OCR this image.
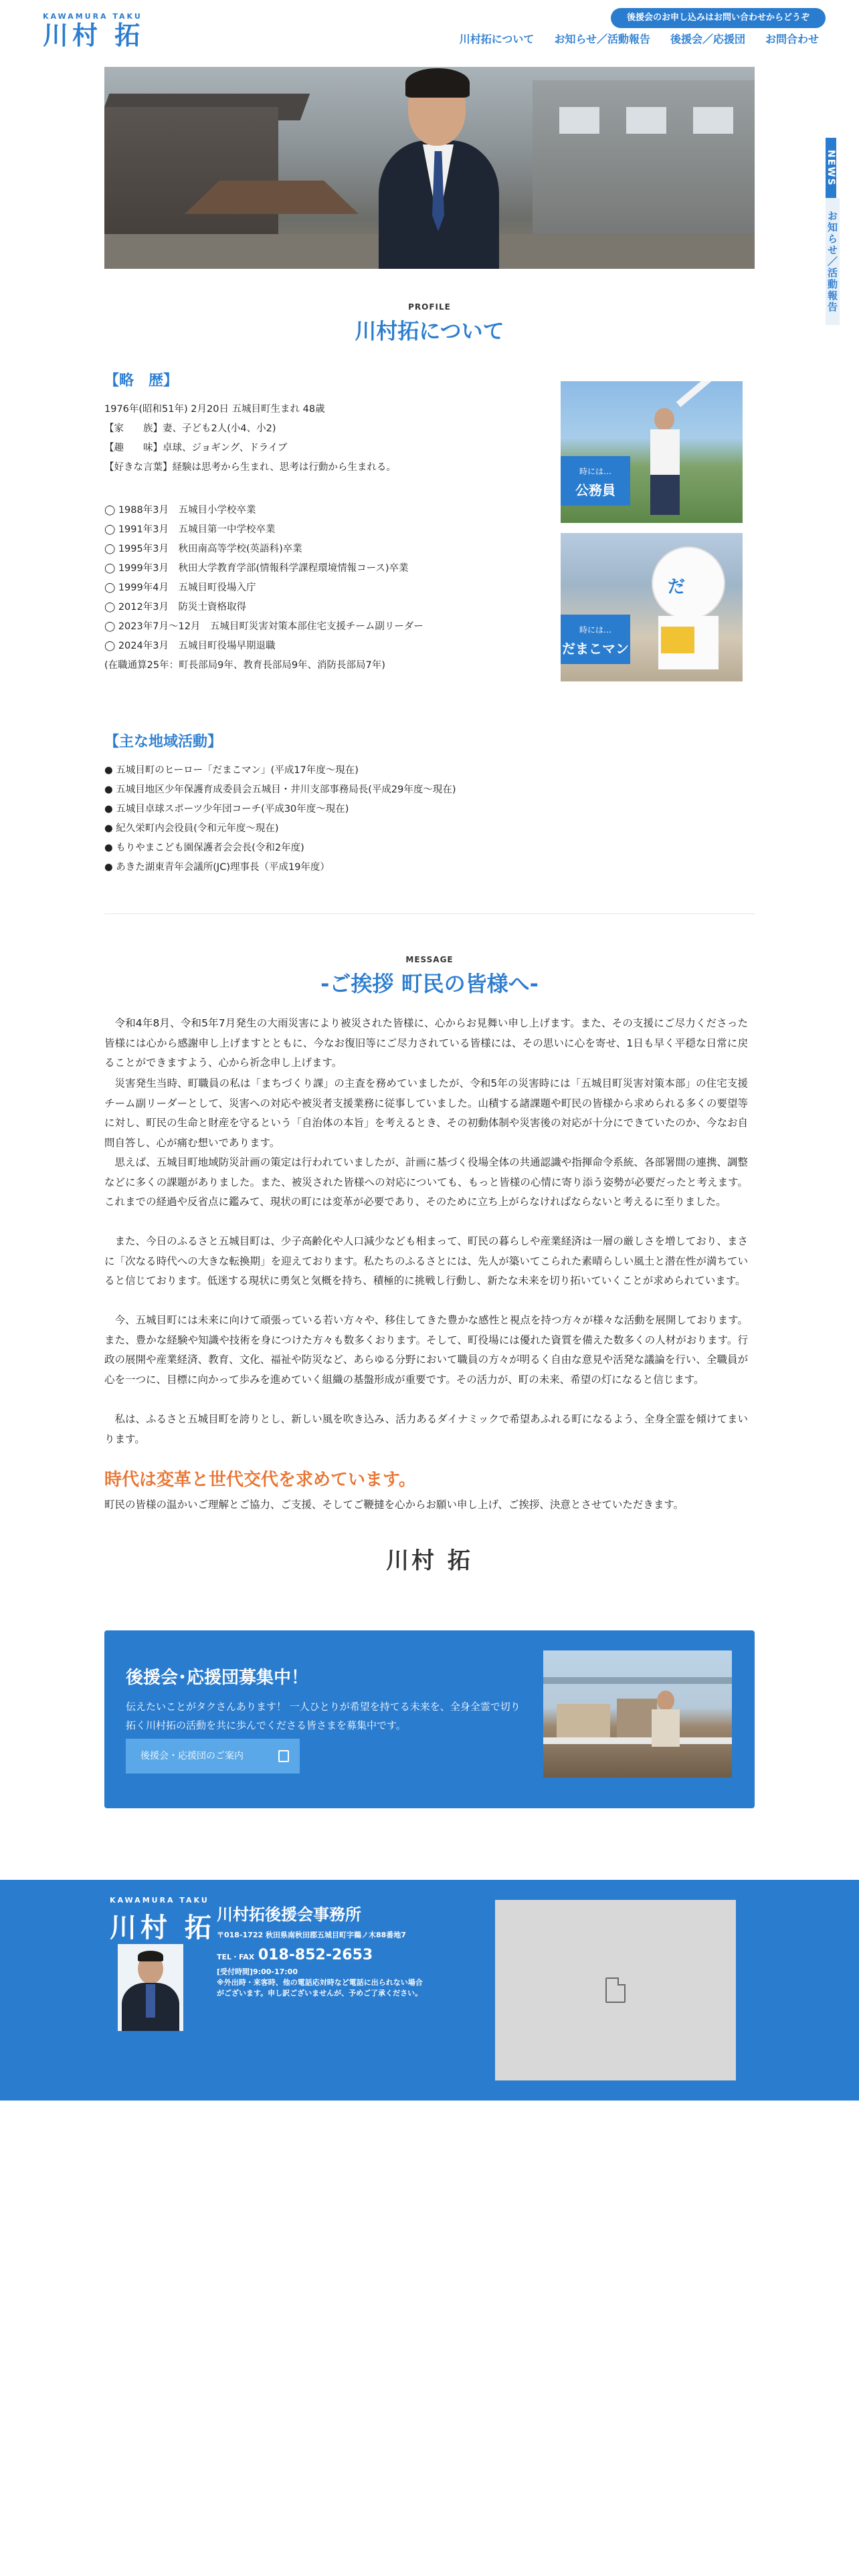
KAWAMURA TAKU
川村 拓
後援会のお申し込みはお問い合わせからどうぞ
川村拓について お知らせ／活動報告 後援会／応援団 お問合わせ
NEWS
お知らせ／活動報告
PROFILE
川村拓について
【略　歴】
1976年(昭和51年) 2月20日 五城目町生まれ 48歳
【家　　族】妻、子ども2人(小4、小2)
【趣　　味】卓球、ジョギング、ドライブ
【好きな言葉】経験は思考から生まれ、思考は行動から生まれる。
◯ 1988年3月　五城目小学校卒業
◯ 1991年3月　五城目第一中学校卒業
◯ 1995年3月　秋田南高等学校(英語科)卒業
◯ 1999年3月　秋田大学教育学部(情報科学課程環境情報コース)卒業
◯ 1999年4月　五城目町役場入庁
◯ 2012年3月　防災士資格取得
◯ 2023年7月〜12月　五城目町災害対策本部住宅支援チーム副リーダー
◯ 2024年3月　五城目町役場早期退職
(在職通算25年：町長部局9年、教育長部局9年、消防長部局7年)
時には…
公務員
だ
時には…
だまこマン
【主な地域活動】
● 五城目町のヒーロー「だまこマン」(平成17年度〜現在)
● 五城目地区少年保護育成委員会五城目・井川支部事務局長(平成29年度〜現在)
● 五城目卓球スポーツ少年団コーチ(平成30年度〜現在)
● 紀久栄町内会役員(令和元年度〜現在)
● もりやまこども園保護者会会長(令和2年度)
● あきた湖東青年会議所(JC)理事長（平成19年度）
MESSAGE
-ご挨拶 町民の皆様へ-
令和4年8月、令和5年7月発生の大雨災害により被災された皆様に、心からお見舞い申し上げます。また、その支援にご尽力くださった皆様には心から感謝申し上げますとともに、今なお復旧等にご尽力されている皆様には、その思いに心を寄せ、1日も早く平穏な日常に戻ることができますよう、心から祈念申し上げます。
災害発生当時、町職員の私は「まちづくり課」の主査を務めていましたが、令和5年の災害時には「五城目町災害対策本部」の住宅支援チーム副リーダーとして、災害への対応や被災者支援業務に従事していました。山積する諸課題や町民の皆様から求められる多くの要望等に対し、町民の生命と財産を守るという「自治体の本旨」を考えるとき、その初動体制や災害後の対応が十分にできていたのか、今なお自問自答し、心が痛む想いであります。
思えば、五城目町地域防災計画の策定は行われていましたが、計画に基づく役場全体の共通認識や指揮命令系統、各部署間の連携、調整などに多くの課題がありました。また、被災された皆様への対応についても、もっと皆様の心情に寄り添う姿勢が必要だったと考えます。これまでの経過や反省点に鑑みて、現状の町には変革が必要であり、そのために立ち上がらなければならないと考えるに至りました。
また、今日のふるさと五城目町は、少子高齢化や人口減少なども相まって、町民の暮らしや産業経済は一層の厳しさを増しており、まさに「次なる時代への大きな転換期」を迎えております。私たちのふるさとには、先人が築いてこられた素晴らしい風土と潜在性が満ちていると信じております。低迷する現状に勇気と気概を持ち、積極的に挑戦し行動し、新たな未来を切り拓いていくことが求められています。
今、五城目町には未来に向けて頑張っている若い方々や、移住してきた豊かな感性と視点を持つ方々が様々な活動を展開しております。また、豊かな経験や知識や技術を身につけた方々も数多くおります。そして、町役場には優れた資質を備えた数多くの人材がおります。行政の展開や産業経済、教育、文化、福祉や防災など、あらゆる分野において職員の方々が明るく自由な意見や活発な議論を行い、全職員が心を一つに、目標に向かって歩みを進めていく組織の基盤形成が重要です。その活力が、町の未来、希望の灯になると信じます。
私は、ふるさと五城目町を誇りとし、新しい風を吹き込み、活力あるダイナミックで希望あふれる町になるよう、全身全霊を傾けてまいります。
時代は変革と世代交代を求めています。
町民の皆様の温かいご理解とご協力、ご支援、そしてご鞭撻を心からお願い申し上げ、ご挨拶、決意とさせていただきます。
川村 拓
後援会･応援団募集中！

伝えたいことがタクさんあります！ 一人ひとりが希望を持てる未来を、全身全霊で切り拓く川村拓の活動を共に歩んでくださる皆さまを募集中です。

後援会・応援団のご案内
KAWAMURA TAKU
川村 拓 川村拓後援会事務所
〒018-1722 秋田県南秋田郡五城目町字鵜ノ木88番地7
TEL・FAX 018-852-2653
[受付時間]9:00-17:00
※外出時・来客時、他の電話応対時など電話に出られない場合
がございます。申し訳ございませんが、予めご了承ください。
